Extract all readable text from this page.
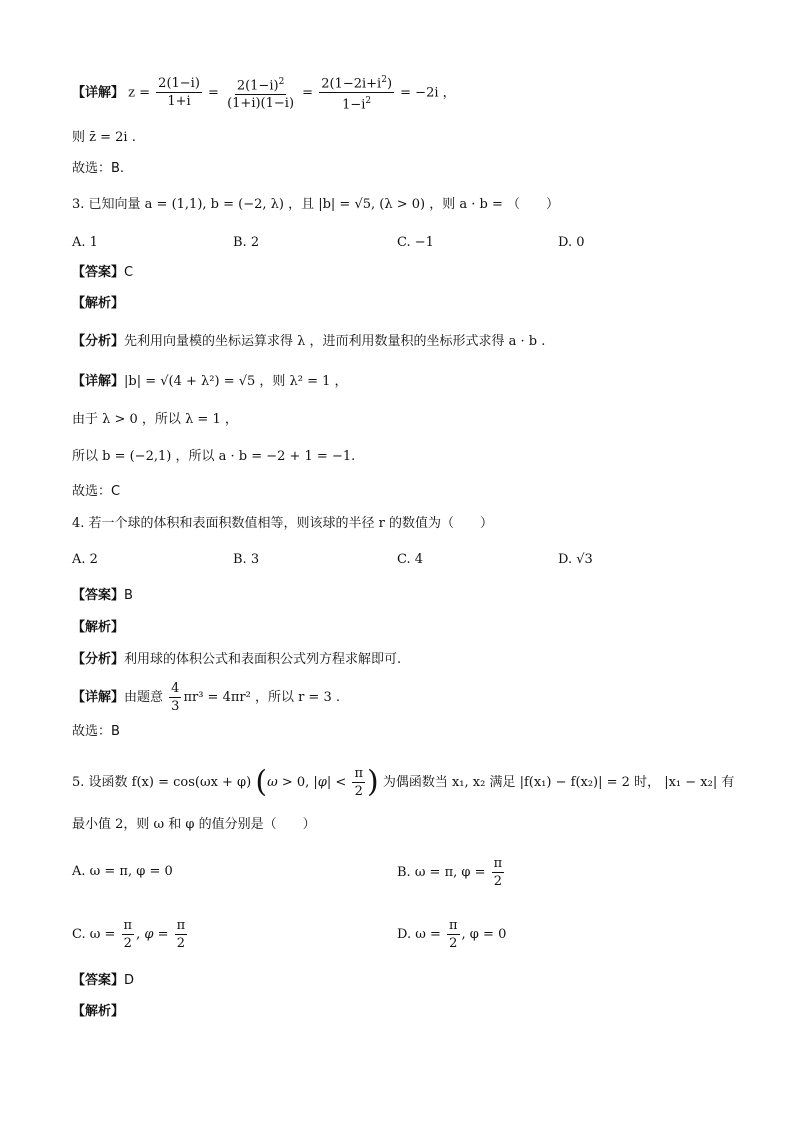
【详解】 $z = \frac{2(1-i)}{1+i} = \frac{2(1-i)^2}{(1+i)(1-i)} = \frac{2(1-2i+i^2)}{1-i^2} = -2i$ ，
则 z̄ = 2i .
故选：B.
3. 已知向量 a = (1,1), b = (−2, λ) ，且 |b| = √5, (λ > 0) ，则 a · b = （　　）
A. 1	B. 2	C. −1	D. 0
【答案】C
【解析】
【分析】先利用向量模的坐标运算求得 λ ，进而利用数量积的坐标形式求得 a · b .
【详解】|b| = √(4 + λ²) = √5 ，则 λ² = 1 ，
由于 λ > 0 ，所以 λ = 1 ，
所以 b = (−2,1) ，所以 a · b = −2 + 1 = −1.
故选：C
4. 若一个球的体积和表面积数值相等，则该球的半径 r 的数值为（　　）
A. 2	B. 3	C. 4	D. √3
【答案】B
【解析】
【分析】利用球的体积公式和表面积公式列方程求解即可.
【详解】由题意 $\frac{4}{3} \pi r^3 = 4\pi r^2$ ，所以 r = 3 .
故选：B
5. 设函数 f(x) = cos(ωx + φ) (ω > 0, $|\varphi| < \frac{\pi}{2}$ ) 为偶函数当 x₁, x₂ 满足 |f(x₁) − f(x₂)| = 2 时， |x₁ − x₂| 有
最小值 2，则 ω 和 φ 的值分别是（　　）
A. ω = π, φ = 0	B. ω = π, $\varphi = \frac{\pi}{2}$
C. $\omega = \frac{\pi}{2}$ , $\varphi = \frac{\pi}{2}$	D. $\omega = \frac{\pi}{2}$ , φ = 0
【答案】D
【解析】
